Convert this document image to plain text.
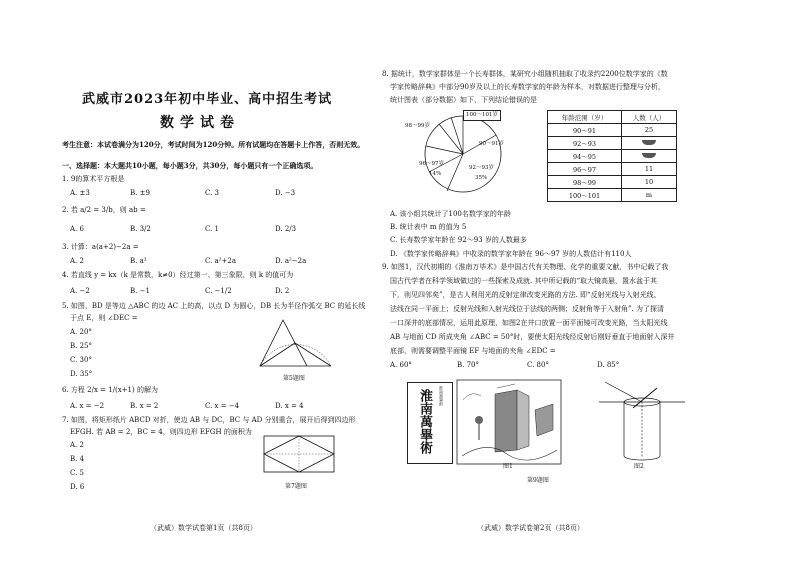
武威市2023年初中毕业、高中招生考试
数学试卷
考生注意：本试卷满分为120分，考试时间为120分钟。所有试题均在答题卡上作答，否则无效。
一、选择题：本大题共10小题，每小题3分，共30分，每小题只有一个正确选项。
1. 9的算术平方根是
A. ±3	B. ±9	C. 3	D. −3
2. 若 a/2 = 3/b，则 ab =
A. 6	B. 3/2	C. 1	D. 2/3
3. 计算：a(a+2)−2a =
A. 2	B. a²	C. a²+2a	D. a²−2a
4. 若直线 y = kx（k 是常数，k≠0）经过第一、第三象限，则 k 的值可为
A. −2	B. −1	C. −1/2	D. 2
5. 如图，BD 是等边 △ABC 的边 AC 上的高，以点 D 为圆心，DB 长为半径作弧交 BC 的延长线
于点 E，则 ∠DEC =
A. 20°
B. 25°
C. 30°
D. 35°
第5题图
6. 方程 2/x = 1/(x+1) 的解为
A. x = −2	B. x = 2	C. x = −4	D. x = 4
7. 如图，将矩形纸片 ABCD 对折，使边 AB 与 DC，BC 与 AD 分别重合，展开后得到四边形
EFGH. 若 AB = 2，BC = 4，则四边形 EFGH 的面积为
A. 2
B. 4
C. 5
D. 6	第7题图
（武威）数学试卷第1页（共8页）
8. 据统计，数学家群体是一个长寿群体，某研究小组随机抽取了收录约2200位数学家的《数
学家传略辞典》中部分90岁及以上的长寿数学家的年龄为样本，对数据进行整理与分析，
统计图表（部分数据）如下，下列结论错误的是
100～101岁
98～99岁
90～91岁
96～97岁
14%
92～93岁
35%
年龄范围（岁）	人数（人）
90～91	25
92～93	
94～95	
96～97	11
98～99	10
100～101	m
A. 该小组共统计了100名数学家的年龄
B. 统计表中 m 的值为 5
C. 长寿数学家年龄在 92～93 岁的人数最多
D. 《数学家传略辞典》中收录的数学家年龄在 96～97 岁的人数估计有110人
9. 如图1，汉代初期的《淮南万毕术》是中国古代有关物理、化学的重要文献，书中记载了我
国古代学者在科学领域做过的一些探索及成就. 其中所记载的“取大镜高悬，置水盆于其
下，则见四邻矣”，是古人利用光的反射定律改变光路的方法. 即“反射光线与入射光线、
法线在同一平面上；反射光线和入射光线位于法线的两侧；反射角等于入射角”. 为了探清
一口深井的底部情况，运用此原理，如图2在井口放置一面平面镜可改变光路，当太阳光线
AB 与地面 CD 所成夹角 ∠ABC = 50°时，要使太阳光线经反射后刚好垂直于地面射入深井
底部，则需要调整平面镜 EF 与地面的夹角 ∠EDC =
A. 60°	B. 70°	C. 80°	D. 85°
淮南萬畢術
淮南萬畢術
图1	图2
第9题图
（武威）数学试卷第2页（共8页）
